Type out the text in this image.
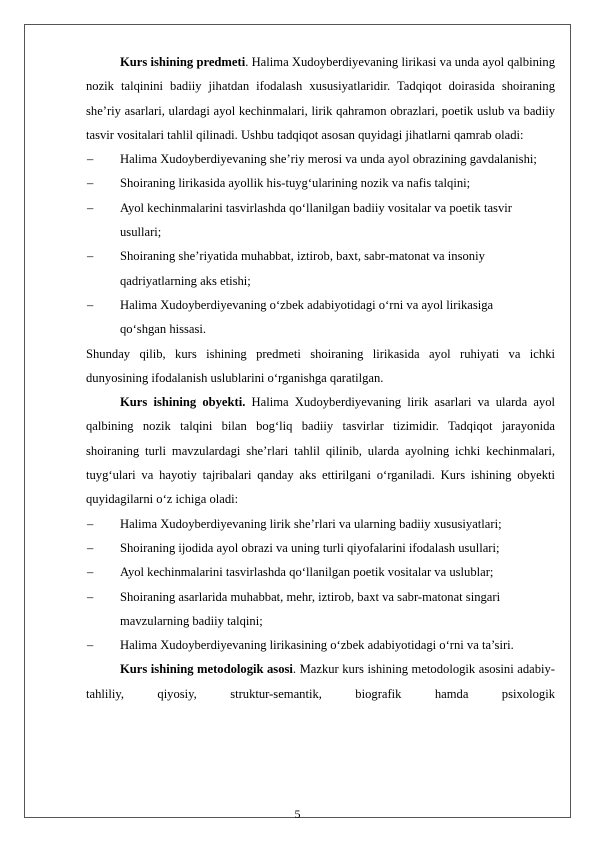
Kurs ishining predmeti. Halima Xudoyberdiyevaning lirikasi va unda ayol qalbining nozik talqinini badiiy jihatdan ifodalash xususiyatlaridir. Tadqiqot doirasida shoiraning she’riy asarlari, ulardagi ayol kechinmalari, lirik qahramon obrazlari, poetik uslub va badiiy tasvir vositalari tahlil qilinadi. Ushbu tadqiqot asosan quyidagi jihatlarni qamrab oladi:

– Halima Xudoyberdiyevaning she’riy merosi va unda ayol obrazining gavdalanishi;
– Shoiraning lirikasida ayollik his-tuyg‘ularining nozik va nafis talqini;
– Ayol kechinmalarini tasvirlashda qo‘llanilgan badiiy vositalar va poetik tasvir usullari;
– Shoiraning she’riyatida muhabbat, iztirob, baxt, sabr-matonat va insoniy qadriyatlarning aks etishi;
– Halima Xudoyberdiyevaning o‘zbek adabiyotidagi o‘rni va ayol lirikasiga qo‘shgan hissasi.

Shunday qilib, kurs ishining predmeti shoiraning lirikasida ayol ruhiyati va ichki dunyosining ifodalanish uslublarini o‘rganishga qaratilgan.

Kurs ishining obyekti. Halima Xudoyberdiyevaning lirik asarlari va ularda ayol qalbining nozik talqini bilan bog‘liq badiiy tasvirlar tizimidir. Tadqiqot jarayonida shoiraning turli mavzulardagi she’rlari tahlil qilinib, ularda ayolning ichki kechinmalari, tuyg‘ulari va hayotiy tajribalari qanday aks ettirilgani o‘rganiladi. Kurs ishining obyekti quyidagilarni o‘z ichiga oladi:

– Halima Xudoyberdiyevaning lirik she’rlari va ularning badiiy xususiyatlari;
– Shoiraning ijodida ayol obrazi va uning turli qiyofalarini ifodalash usullari;
– Ayol kechinmalarini tasvirlashda qo‘llanilgan poetik vositalar va uslublar;
– Shoiraning asarlarida muhabbat, mehr, iztirob, baxt va sabr-matonat singari mavzularning badiiy talqini;
– Halima Xudoyberdiyevaning lirikasining o‘zbek adabiyotidagi o‘rni va ta’siri.

Kurs ishining metodologik asosi. Mazkur kurs ishining metodologik asosini adabiy-tahliliy, qiyosiy, struktur-semantik, biografik hamda psixologik

5
